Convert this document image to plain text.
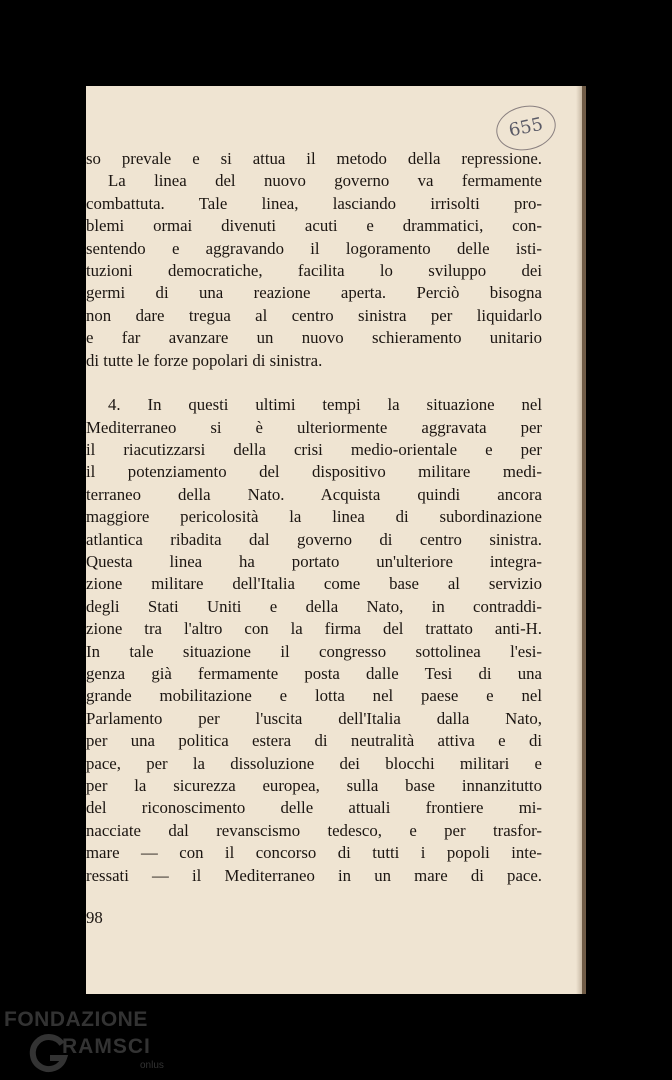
655
so prevale e si attua il metodo della repressione.
La linea del nuovo governo va fermamente
combattuta. Tale linea, lasciando irrisolti pro-
blemi ormai divenuti acuti e drammatici, con-
sentendo e aggravando il logoramento delle isti-
tuzioni democratiche, facilita lo sviluppo dei
germi di una reazione aperta. Perciò bisogna
non dare tregua al centro sinistra per liquidarlo
e far avanzare un nuovo schieramento unitario
di tutte le forze popolari di sinistra.
4. In questi ultimi tempi la situazione nel
Mediterraneo si è ulteriormente aggravata per
il riacutizzarsi della crisi medio-orientale e per
il potenziamento del dispositivo militare medi-
terraneo della Nato. Acquista quindi ancora
maggiore pericolosità la linea di subordinazione
atlantica ribadita dal governo di centro sinistra.
Questa linea ha portato un'ulteriore integra-
zione militare dell'Italia come base al servizio
degli Stati Uniti e della Nato, in contraddi-
zione tra l'altro con la firma del trattato anti-H.
In tale situazione il congresso sottolinea l'esi-
genza già fermamente posta dalle Tesi di una
grande mobilitazione e lotta nel paese e nel
Parlamento per l'uscita dell'Italia dalla Nato,
per una politica estera di neutralità attiva e di
pace, per la dissoluzione dei blocchi militari e
per la sicurezza europea, sulla base innanzitutto
del riconoscimento delle attuali frontiere mi-
nacciate dal revanscismo tedesco, e per trasfor-
mare — con il concorso di tutti i popoli inte-
ressati — il Mediterraneo in un mare di pace.
98
FONDAZIONE
RAMSCI
onlus
